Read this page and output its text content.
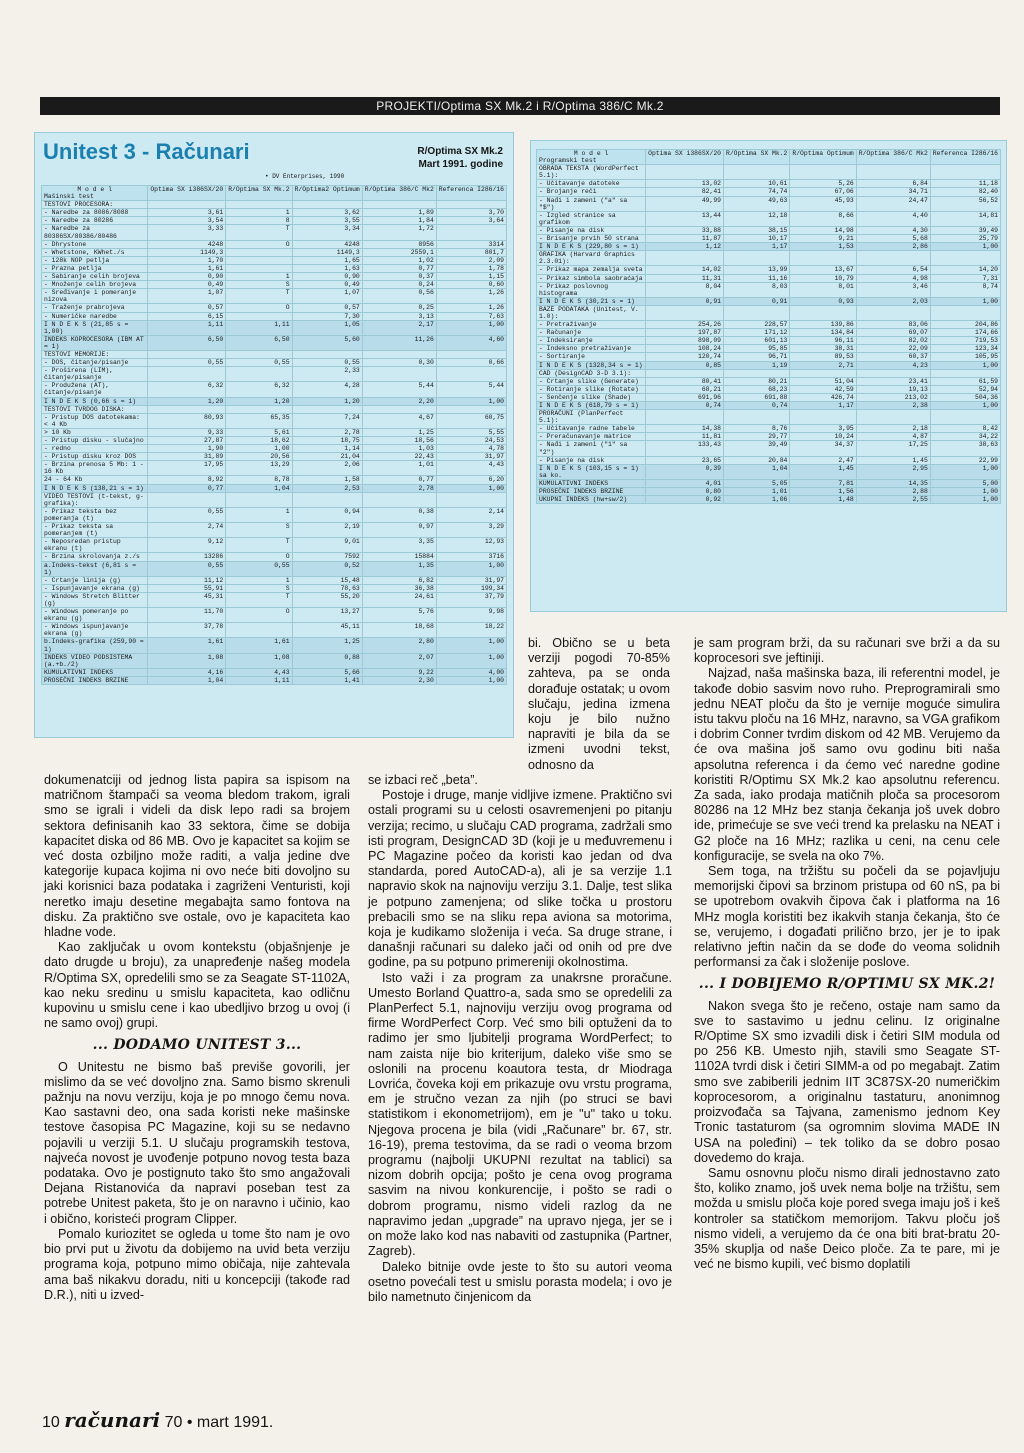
PROJEKTI/Optima SX Mk.2 i R/Optima 386/C Mk.2
Unitest 3 - Računari	R/Optima SX Mk.2
Mart 1991. godine
• DV Enterprises, 1990
M o d e l
Mašinski test	Optima SX i386SX/20	R/Optima SX Mk.2	R/Optima2 Optimum	R/Optima 386/C Mk2	Referenca I286/16
TESTOVI PROCESORA:					
- Naredbe za 8086/8088	3,61	1	3,62	1,89	3,70
- Naredbe za 80286	3,54	8	3,55	1,84	3,64
- Naredbe za 80386SX/80386/80486	3,33	T	3,34	1,72	
- Dhrystone	4248	O	4248	8956	3314
- Whetstone, KWhet./s	1149,3		1149,3	2559,1	801,7
- 128k NOP petlja	1,70		1,65	1,02	2,09
- Prazna petlja	1,61		1,63	0,77	1,78
- Sabiranje celih brojeva	0,90	1	0,90	0,37	1,15
- Množenje celih brojeva	0,49	S	0,49	0,24	0,60
- Sređivanje i pomeranje nizova	1,07	T	1,07	0,56	1,26
- Traženje prabrojeva	0,57	O	0,57	0,25	1,26
- Numeričke naredbe	6,15		7,30	3,13	7,63
I N D E K S (21,85 s = 1,00)	1,11	1,11	1,05	2,17	1,00
INDEKS KOPROCESORA (IBM AT = 1)	6,50	6,50	5,60	11,26	4,60
TESTOVI MEMORIJE:					
- DOS, čitanje/pisanje	0,55	0,55	0,55	0,30	0,66
- Proširena (LIM), čitanje/pisanje			2,33		
- Produžena (AT), čitanje/pisanje	6,32	6,32	4,28	5,44	5,44
I N D E K S (0,66 s = 1)	1,20	1,20	1,20	2,20	1,00
TESTOVI TVRDOG DISKA:					
- Pristup DOS datotekama: < 4 Kb	80,93	65,35	7,24	4,67	60,75
> 10 Kb	9,33	5,61	2,78	1,25	5,55
- Pristup disku - slučajno	27,87	18,62	18,75	18,56	24,53
- redno	1,90	1,00	1,14	1,03	4,78
- Pristup disku kroz DOS	31,89	20,56	21,04	22,43	31,97
- Brzina prenosa 5 Mb: 1 - 16 Kb	17,95	13,29	2,06	1,01	4,43
24 - 64 Kb	8,92	8,78	1,58	0,77	6,20
I N D E K S (138,21 s = 1)	0,77	1,04	2,53	2,78	1,00
VIDEO TESTOVI (t-tekst, g-grafika):					
- Prikaz teksta bez pomeranja (t)	0,55	1	0,94	0,38	2,14
- Prikaz teksta sa pomeranjem (t)	2,74	S	2,19	0,97	3,29
- Neposredan pristup ekranu (t)	9,12	T	9,01	3,35	12,93
- Brzina skrolovanja z./s	13286	O	7592	15884	3716
a.Indeks-tekst (6,81 s = 1)	0,55	0,55	0,52	1,35	1,00
- Crtanje linija (g)	11,12	1	15,48	6,82	31,97
- Ispunjavanje ekrana (g)	55,91	S	78,63	36,38	199,34
- Windows Stretch Blitter (g)	45,31	T	55,20	24,61	37,79
- Windows pomeranje po ekranu (g)	11,70	O	13,27	5,76	9,98
- Windows ispunjavanje ekrana (g)	37,78		45,11	18,68	18,22
b.Indeks-grafika (259,90 = 1)	1,61	1,61	1,25	2,80	1,00
INDEKS VIDEO PODSISTEMA (a.+b./2)	1,08	1,08	0,88	2,07	1,00
KUMULATIVNI INDEKS	4,16	4,43	5,66	9,22	4,00
PROSEČNI INDEKS BRZINE	1,04	1,11	1,41	2,30	1,00
M o d e l
Programski test	Optima SX i386SX/20	R/Optima SX Mk.2	R/Optima Optimum	R/Optima 386/C Mk2	Referenca I286/16
OBRADA TEKSTA (WordPerfect 5.1):					
- Učitavanje datoteke	13,02	10,61	5,26	6,84	11,18
- Brojanje reči	82,41	74,74	67,06	34,71	82,40
- Nađi i zameni ("a" sa "$")	49,99	49,63	45,93	24,47	56,52
- Izgled stranice sa grafikom	13,44	12,18	8,66	4,40	14,81
- Pisanje na disk	33,88	38,15	14,98	4,30	39,49
- Brisanje prvih 50 strana	11,87	10,17	9,21	5,68	25,79
I N D E K S (229,80 s = 1)	1,12	1,17	1,53	2,86	1,00
GRAFIKA (Harvard Graphics 2.3.01):					
- Prikaz mapa zemalja sveta	14,02	13,99	13,67	6,54	14,20
- Prikaz simbola saobraćaja	11,31	11,16	10,79	4,98	7,31
- Prikaz poslovnog histograma	8,04	8,03	8,01	3,46	8,74
I N D E K S (30,21 s = 1)	0,91	0,91	0,93	2,03	1,00
BAZE PODATAKA (Unitest, V. 1.0):					
- Pretraživanje	254,26	228,57	139,86	83,06	204,86
- Računanje	197,87	171,12	134,84	69,07	174,66
- Indeksiranje	898,09	601,13	96,11	82,02	719,53
- Indeksno pretraživanje	108,24	95,85	38,31	22,09	123,34
- Sortiranje	120,74	96,71	89,53	60,37	105,95
I N D E K S (1328,34 s = 1)	0,85	1,19	2,71	4,23	1,00
CAD (DesignCAD 3-D 3.1):					
- Crtanje slike (Generate)	80,41	80,21	51,04	23,41	61,59
- Rotiranje slike (Rotate)	68,21	68,23	42,59	19,13	52,94
- Senčenje slike (Shade)	691,96	691,88	426,74	213,02	504,36
I N D E K S (618,79 s = 1)	0,74	0,74	1,17	2,38	1,00
PRORAČUNI (PlanPerfect 5.1):					
- Učitavanje radne tabele	14,38	8,76	3,95	2,18	8,42
- Preračunavanje matrice	11,81	29,77	10,24	4,87	34,22
- Nađi i zameni ("1" sa "2")	133,43	39,49	34,37	17,25	38,63
- Pisanje na disk	23,65	20,84	2,47	1,45	22,99
I N D E K S (103,15 s = 1) sa ko.	0,39	1,04	1,45	2,95	1,00
KUMULATIVNI INDEKS	4,01	5,05	7,81	14,35	5,00
PROSEČNI INDEKS BRZINE	0,80	1,01	1,56	2,88	1,00
UKUPNI INDEKS (hw+sw/2)	0,92	1,06	1,48	2,55	1,00

bi. Obično se u beta verziji pogodi 70-85% zahteva, pa se onda dorađuje ostatak; u ovom slučaju, jedina izmena koju je bilo nužno napraviti je bila da se izmeni uvodni tekst, odnosno da

dokumenatciji od jednog lista papira sa ispisom na matričnom štampači sa veoma bledom trakom, igrali smo se igrali i videli da disk lepo radi sa brojem sektora definisanih kao 33 sektora, čime se dobija kapacitet diska od 86 MB. Ovo je kapacitet sa kojim se već dosta ozbiljno može raditi, a valja jedine dve kategorije kupaca kojima ni ovo neće biti dovoljno su jaki korisnici baza podataka i zagriženi Venturisti, koji neretko imaju desetine megabajta samo fontova na disku. Za praktično sve ostale, ovo je kapaciteta kao hladne vode.

Kao zaključak u ovom kontekstu (objašnjenje je dato drugde u broju), za unapređenje našeg modela R/Optima SX, opredelili smo se za Seagate ST-1102A, kao neku sredinu u smislu kapaciteta, kao odličnu kupovinu u smislu cene i kao ubedljivo brzog u ovoj (i ne samo ovoj) grupi.

... DODAMO UNITEST 3...

O Unitestu ne bismo baš previše govorili, jer mislimo da se već dovoljno zna. Samo bismo skrenuli pažnju na novu verziju, koja je po mnogo čemu nova. Kao sastavni deo, ona sada koristi neke mašinske testove časopisa PC Magazine, koji su se nedavno pojavili u verziji 5.1. U slučaju programskih testova, najveća novost je uvođenje potpuno novog testa baza podataka. Ovo je postignuto tako što smo angažovali Dejana Ristanovića da napravi poseban test za potrebe Unitest paketa, što je on naravno i učinio, kao i obično, koristeći program Clipper.

Pomalo kuriozitet se ogleda u tome što nam je ovo bio prvi put u životu da dobijemo na uvid beta verziju programa koja, potpuno mimo običaja, nije zahtevala ama baš nikakvu doradu, niti u koncepciji (takođe rad D.R.), niti u izved-

se izbaci reč „beta”.

Postoje i druge, manje vidljive izmene. Praktično svi ostali programi su u celosti osavremenjeni po pitanju verzija; recimo, u slučaju CAD programa, zadržali smo isti program, DesignCAD 3D (koji je u međuvremenu i PC Magazine počeo da koristi kao jedan od dva standarda, pored AutoCAD-a), ali je sa verzije 1.1 napravio skok na najnoviju verziju 3.1. Dalje, test slika je potpuno zamenjena; od slike točka u prostoru prebacili smo se na sliku repa aviona sa motorima, koja je kudikamo složenija i veća. Sa druge strane, i današnji računari su daleko jači od onih od pre dve godine, pa su potpuno primereniji okolnostima.

Isto važi i za program za unakrsne proračune. Umesto Borland Quattro-a, sada smo se opredelili za PlanPerfect 5.1, najnoviju verziju ovog programa od firme WordPerfect Corp. Već smo bili optuženi da to radimo jer smo ljubitelji programa WordPerfect; to nam zaista nije bio kriterijum, daleko više smo se oslonili na procenu koautora testa, dr Miodraga Lovrića, čoveka koji em prikazuje ovu vrstu programa, em je stručno vezan za njih (po struci se bavi statistikom i ekonometrijom), em je "u" tako u toku. Njegova procena je bila (vidi „Računare” br. 67, str. 16-19), prema testovima, da se radi o veoma brzom programu (najbolji UKUPNI rezultat na tablici) sa nizom dobrih opcija; pošto je cena ovog programa sasvim na nivou konkurencije, i pošto se radi o dobrom programu, nismo videli razlog da ne napravimo jedan „upgrade” na upravo njega, jer se i on može lako kod nas nabaviti od zastupnika (Partner, Zagreb).

Daleko bitnije ovde jeste to što su autori veoma osetno povećali test u smislu porasta modela; i ovo je bilo nametnuto činjenicom da

je sam program brži, da su računari sve brži a da su koprocesori sve jeftiniji.

Najzad, naša mašinska baza, ili referentni model, je takođe dobio sasvim novo ruho. Preprogramirali smo jednu NEAT ploču da što je vernije moguće simulira istu takvu ploču na 16 MHz, naravno, sa VGA grafikom i dobrim Conner tvrdim diskom od 42 MB. Verujemo da će ova mašina još samo ovu godinu biti naša apsolutna referenca i da ćemo već naredne godine koristiti R/Optimu SX Mk.2 kao apsolutnu referencu. Za sada, iako prodaja matičnih ploča sa procesorom 80286 na 12 MHz bez stanja čekanja još uvek dobro ide, primećuje se sve veći trend ka prelasku na NEAT i G2 ploče na 16 MHz; razlika u ceni, na cenu cele konfiguracije, se svela na oko 7%.

Sem toga, na tržištu su počeli da se pojavljuju memorijski čipovi sa brzinom pristupa od 60 nS, pa bi se upotrebom ovakvih čipova čak i platforma na 16 MHz mogla koristiti bez ikakvih stanja čekanja, što će se, verujemo, i događati prilično brzo, jer je to ipak relativno jeftin način da se dođe do veoma solidnih performansi za čak i složenije poslove.

... I DOBIJEMO R/OPTIMU SX MK.2!

Nakon svega što je rečeno, ostaje nam samo da sve to sastavimo u jednu celinu. Iz originalne R/Optime SX smo izvadili disk i četiri SIM modula od po 256 KB. Umesto njih, stavili smo Seagate ST-1102A tvrdi disk i četiri SIMM-a od po megabajt. Zatim smo sve zabiberili jednim IIT 3C87SX-20 numeričkim koprocesorom, a originalnu tastaturu, anonimnog proizvođača sa Tajvana, zamenismo jednom Key Tronic tastaturom (sa ogromnim slovima MADE IN USA na poleđini) – tek toliko da se dobro posao dovedemo do kraja.

Samu osnovnu ploču nismo dirali jednostavno zato što, koliko znamo, još uvek nema bolje na tržištu, sem možda u smislu ploča koje pored svega imaju još i keš kontroler sa statičkom memorijom. Takvu ploču još nismo videli, a verujemo da će ona biti brat-bratu 20-35% skuplja od naše Deico ploče. Za te pare, mi je već ne bismo kupili, već bismo doplatili

10 računari 70 • mart 1991.
